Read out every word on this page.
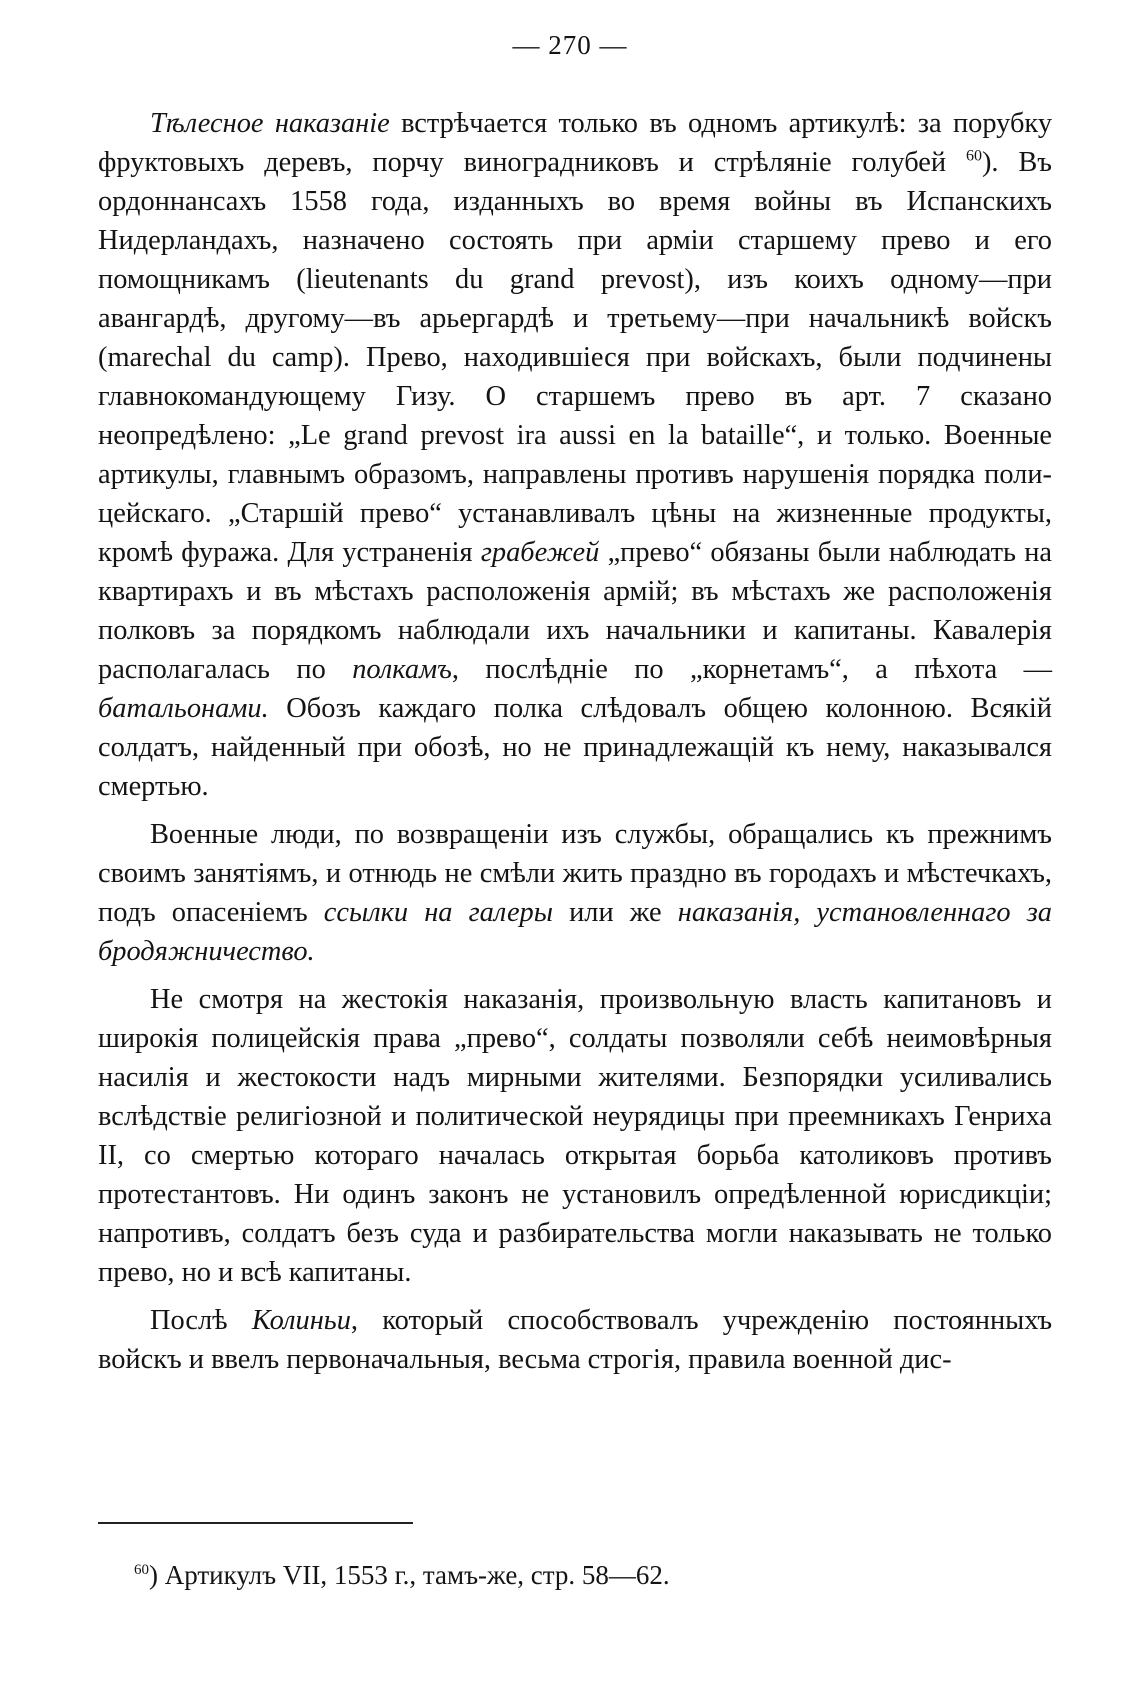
— 270 —

Тѣлесное наказаніе встрѣчается только въ одномъ артикулѣ: за порубку фруктовыхъ деревъ, порчу виноградниковъ и стрѣляніе голубей $^{60}$). Въ ордоннансахъ 1558 года, изданныхъ во время войны въ Испанскихъ Нидерландахъ, назначено состоять при арміи старшему прево и его помощникамъ (lieutenants du grand prevost), изъ коихъ одному—при авангардѣ, другому—въ арьергардѣ и третьему—при начальникѣ войскъ (marechal du camp). Прево, находившіеся при войскахъ, были подчинены главнокомандующему Гизу. О старшемъ прево въ арт. 7 сказано неопредѣлено: „Le grand prevost ira aussi en la bataille“, и только. Военные артикулы, главнымъ образомъ, направлены противъ нарушенія порядка полицейскаго. „Старшій прево“ устанавливалъ цѣны на жизненные продукты, кромѣ фуража. Для устраненія грабежей „прево“ обязаны были наблюдать на квартирахъ и въ мѣстахъ расположенія армій; въ мѣстахъ же расположенія полковъ за порядкомъ наблюдали ихъ начальники и капитаны. Кавалерія располагалась по полкамъ, послѣдніе по „корнетамъ“, а пѣхота — батальонами. Обозъ каждаго полка слѣдовалъ общею колонною. Всякій солдатъ, найденный при обозѣ, но не принадлежащій къ нему, наказывался смертью.

Военные люди, по возвращеніи изъ службы, обращались къ прежнимъ своимъ занятіямъ, и отнюдь не смѣли жить праздно въ городахъ и мѣстечкахъ, подъ опасеніемъ ссылки на галеры или же наказанія, установленнаго за бродяжничество.

Не смотря на жестокія наказанія, произвольную власть капитановъ и широкія полицейскія права „прево“, солдаты позволяли себѣ неимовѣрныя насилія и жестокости надъ мирными жителями. Безпорядки усиливались вслѣдствіе религіозной и политической неурядицы при преемникахъ Генриха II, со смертью котораго началась открытая борьба католиковъ противъ протестантовъ. Ни одинъ законъ не установилъ опредѣленной юрисдикціи; напротивъ, солдатъ безъ суда и разбирательства могли наказывать не только прево, но и всѣ капитаны.

Послѣ Колиньи, который способствовалъ учрежденію постоянныхъ войскъ и ввелъ первоначальныя, весьма строгія, правила военной дис-

$^{60}$) Артикулъ VII, 1553 г., тамъ-же, стр. 58—62.
